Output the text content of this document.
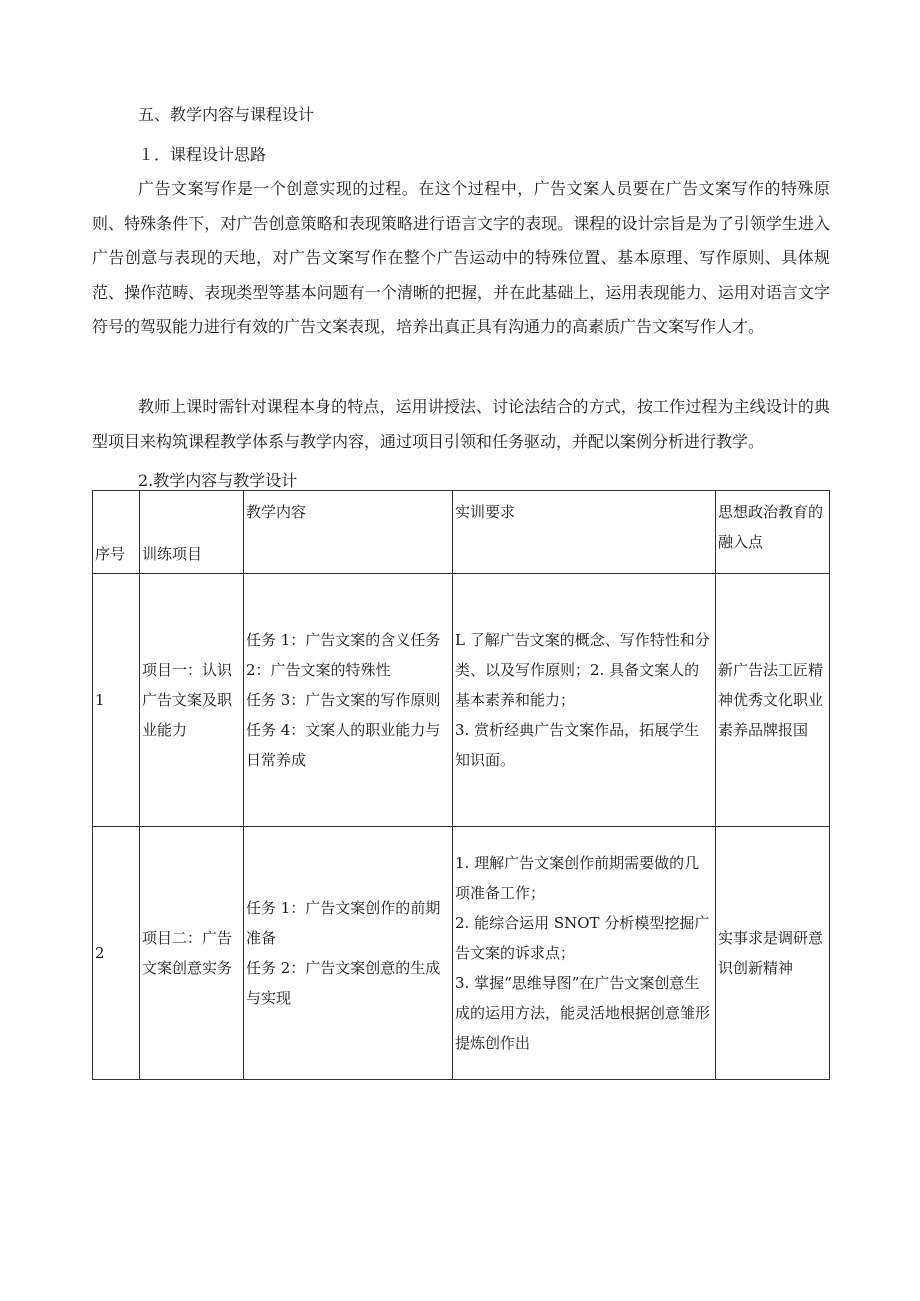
五、教学内容与课程设计
１．课程设计思路

广告文案写作是一个创意实现的过程。在这个过程中，广告文案人员要在广告文案写作的特殊原则、特殊条件下，对广告创意策略和表现策略进行语言文字的表现。课程的设计宗旨是为了引领学生进入广告创意与表现的天地，对广告文案写作在整个广告运动中的特殊位置、基本原理、写作原则、具体规范、操作范畴、表现类型等基本问题有一个清晰的把握，并在此基础上，运用表现能力、运用对语言文字符号的驾驭能力进行有效的广告文案表现，培养出真正具有沟通力的高素质广告文案写作人才。

教师上课时需针对课程本身的特点，运用讲授法、讨论法结合的方式，按工作过程为主线设计的典型项目来构筑课程教学体系与教学内容，通过项目引领和任务驱动，并配以案例分析进行教学。

2.教学内容与教学设计
序号	训练项目	教学内容	实训要求	思想政治教育的融入点
1	项目一：认识广告文案及职业能力	任务 1：广告文案的含义任务 2：广告文案的特殊性
任务 3：广告文案的写作原则
任务 4：文案人的职业能力与日常养成	L 了解广告文案的概念、写作特性和分类、以及写作原则；2. 具备文案人的基本素养和能力；
3. 赏析经典广告文案作品，拓展学生知识面。	新广告法工匠精神优秀文化职业素养品牌报国
2	项目二：广告文案创意实务	任务 1：广告文案创作的前期准备
任务 2：广告文案创意的生成与实现	1. 理解广告文案创作前期需要做的几项准备工作；
2. 能综合运用 SNOT 分析模型挖掘广告文案的诉求点；
3. 掌握“思维导图”在广告文案创意生成的运用方法，能灵活地根据创意雏形提炼创作出	实事求是调研意识创新精神
